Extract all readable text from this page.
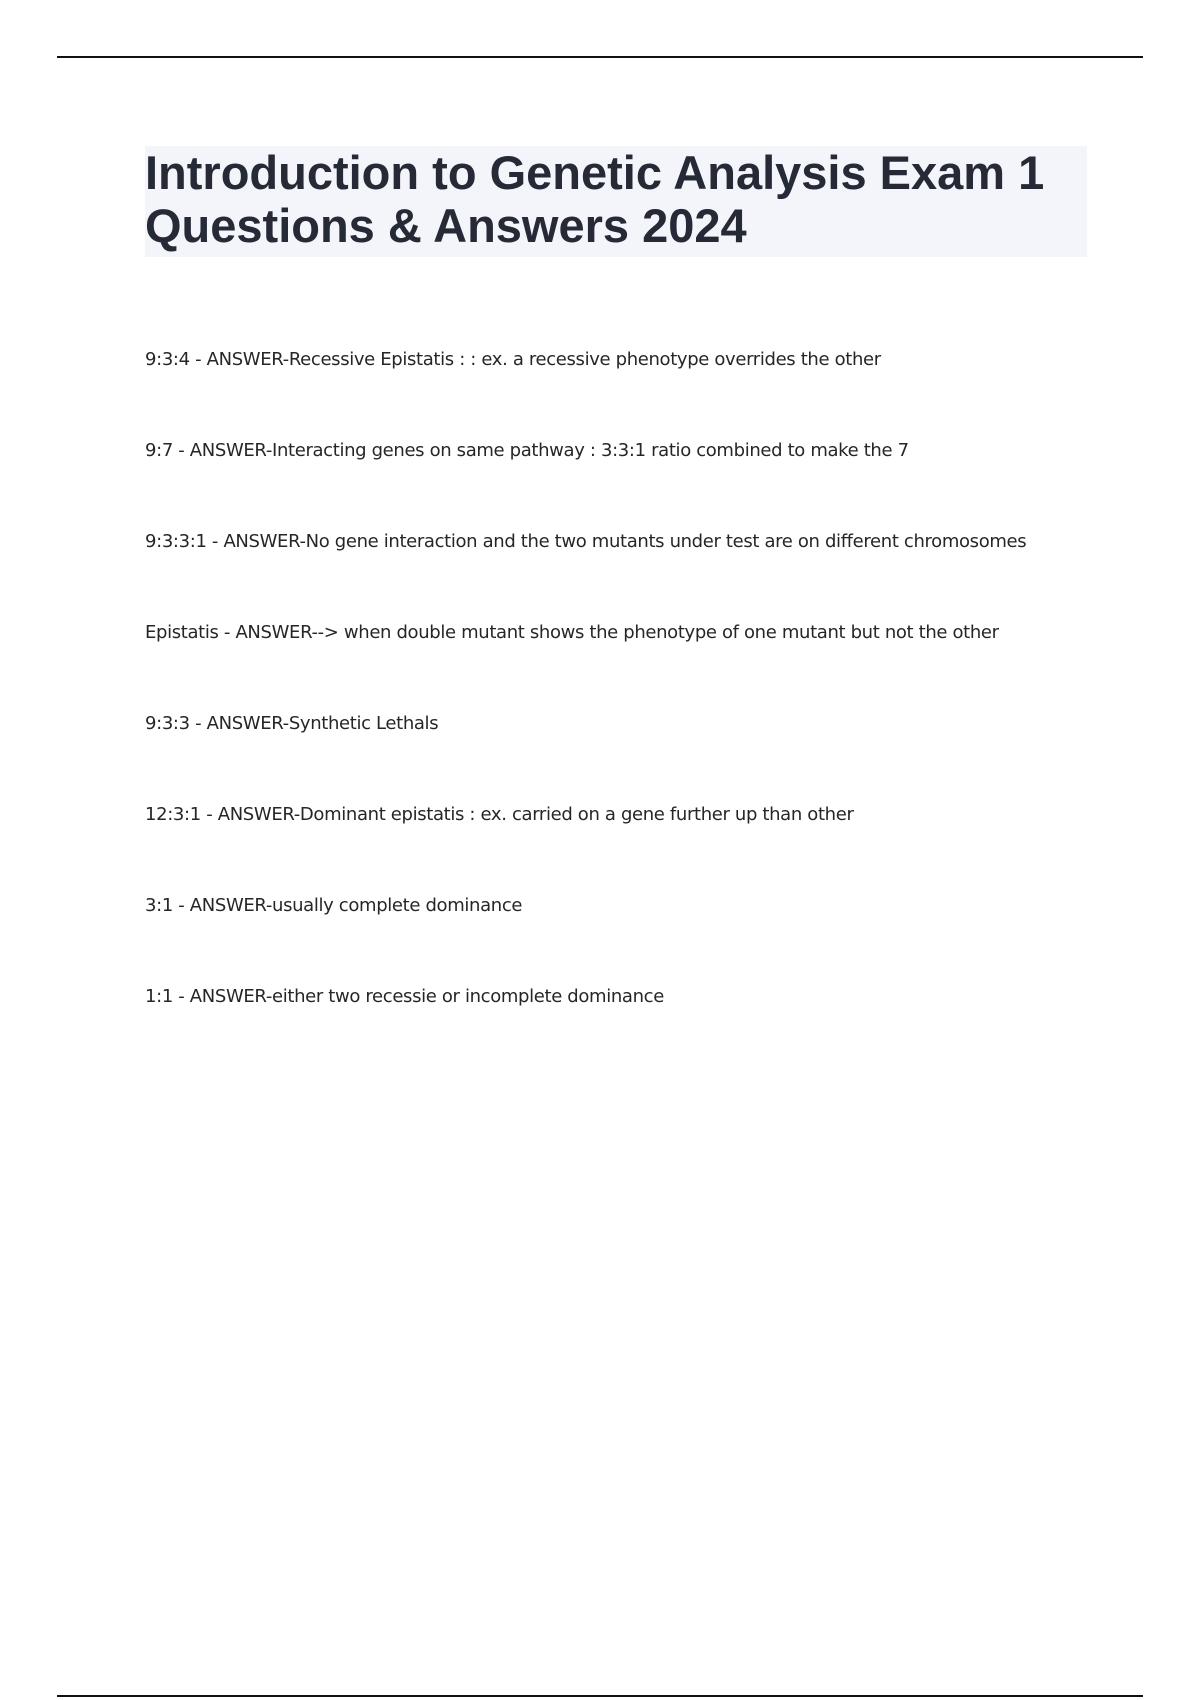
Introduction to Genetic Analysis Exam 1
Questions & Answers 2024
9:3:4 - ANSWER-Recessive Epistatis : : ex. a recessive phenotype overrides the other
9:7 - ANSWER-Interacting genes on same pathway : 3:3:1 ratio combined to make the 7
9:3:3:1 - ANSWER-No gene interaction and the two mutants under test are on different chromosomes
Epistatis - ANSWER--> when double mutant shows the phenotype of one mutant but not the other
9:3:3 - ANSWER-Synthetic Lethals
12:3:1 - ANSWER-Dominant epistatis : ex. carried on a gene further up than other
3:1 - ANSWER-usually complete dominance
1:1 - ANSWER-either two recessie or incomplete dominance
